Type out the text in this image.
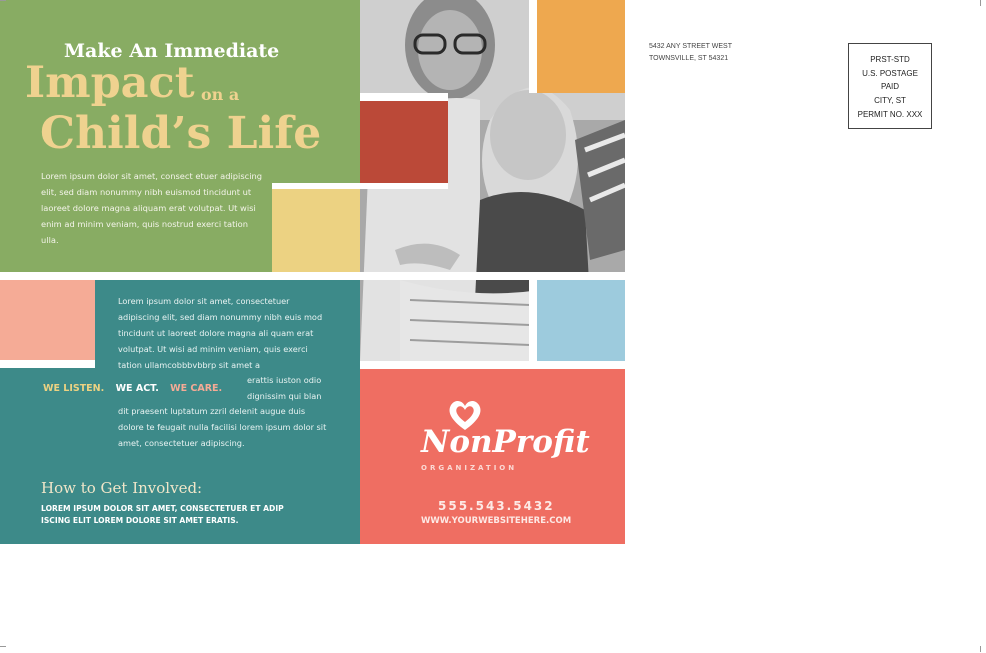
Make An Immediate
Impact on a
Child’s Life
Lorem ipsum dolor sit amet, consect etuer adipiscing elit, sed diam nonummy nibh euismod tincidunt ut laoreet dolore magna aliquam erat volutpat. Ut wisi enim ad minim veniam, quis nostrud exerci tation ulla.
Lorem ipsum dolor sit amet, consectetuer adipiscing elit, sed diam nonummy nibh euis mod tincidunt ut laoreet dolore magna ali quam erat volutpat. Ut wisi ad minim veniam, quis exerci tation ullamcobbbvbbrp sit amet a
erattis iuston odio dignissim qui blan
dit praesent luptatum zzril delenit augue duis dolore te feugait nulla facilisi lorem ipsum dolor sit amet, consectetuer adipiscing.
WE LISTEN. WE ACT. WE CARE.
How to Get Involved:
LOREM IPSUM DOLOR SIT AMET, CONSECTETUER ET ADIP ISCING ELIT LOREM DOLORE SIT AMET ERATIS.
NonProfit
ORGANIZATION
555.543.5432
WWW.YOURWEBSITEHERE.COM
5432 ANY STREET WEST
TOWNSVILLE, ST 54321	PRST-STD
U.S. POSTAGE
PAID
CITY, ST
PERMIT NO. XXX
